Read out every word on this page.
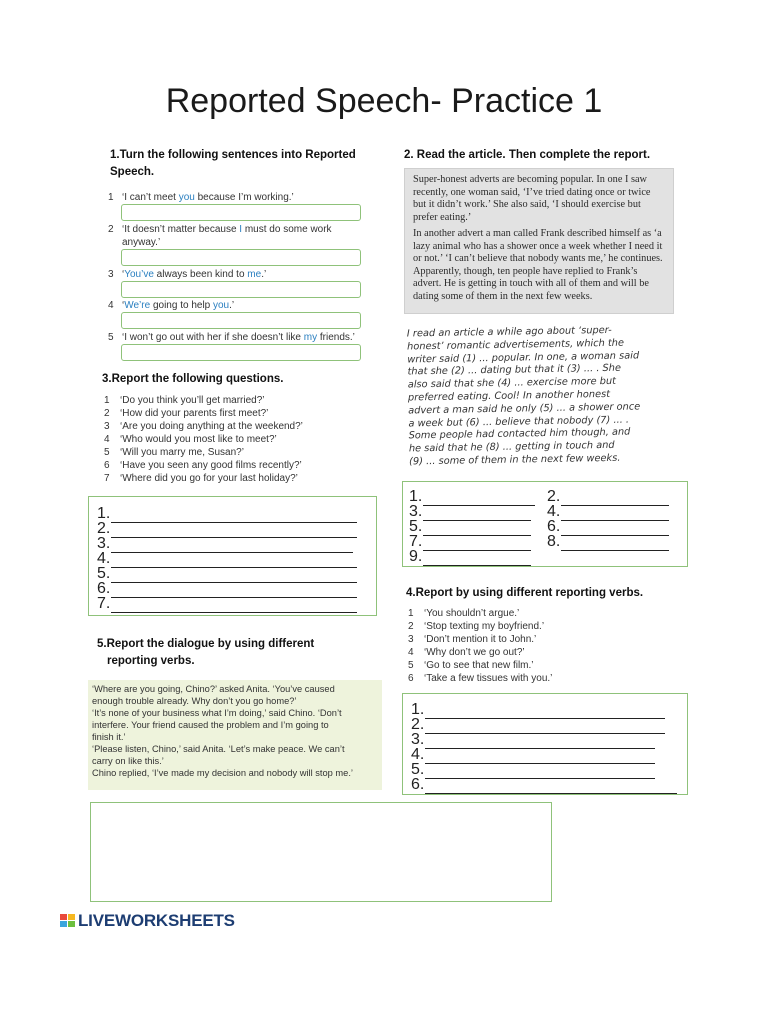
Reported Speech- Practice 1
1.Turn the following sentences into Reported
Speech.
1 ‘I can’t meet you because I’m working.’
2 ‘It doesn’t matter because I must do some work
anyway.’
3 ‘You’ve always been kind to me.’
4 ‘We’re going to help you.’
5 ‘I won’t go out with her if she doesn’t like my friends.’
2. Read the article. Then complete the report.

Super-honest adverts are becoming popular. In one I saw recently, one woman said, ‘I’ve tried dating once or twice but it didn’t work.’ She also said, ‘I should exercise but prefer eating.’

In another advert a man called Frank described himself as ‘a lazy animal who has a shower once a week whether I need it or not.’ ‘I can’t believe that nobody wants me,’ he continues. Apparently, though, ten people have replied to Frank’s advert. He is getting in touch with all of them and will be dating some of them in the next few weeks.

I read an article a while ago about ‘super-
honest’ romantic advertisements, which the
writer said (1) ... popular. In one, a woman said
that she (2) ... dating but that it (3) ... . She
also said that she (4) ... exercise more but
preferred eating. Cool! In another honest
advert a man said he only (5) ... a shower once
a week but (6) ... believe that nobody (7) ... .
Some people had contacted him though, and
he said that he (8) ... getting in touch and
(9) ... some of them in the next few weeks.
1.	2.
3.	4.
5.	6.
7.	8.
9.
3.Report the following questions.
1 ‘Do you think you’ll get married?’
2 ‘How did your parents first meet?’
3 ‘Are you doing anything at the weekend?’
4 ‘Who would you most like to meet?’
5 ‘Will you marry me, Susan?’
6 ‘Have you seen any good films recently?’
7 ‘Where did you go for your last holiday?’
1.
2.
3.
4.
5.
6.
7.
4.Report by using different reporting verbs.
1 ‘You shouldn’t argue.’
2 ‘Stop texting my boyfriend.’
3 ‘Don’t mention it to John.’
4 ‘Why don’t we go out?’
5 ‘Go to see that new film.’
6 ‘Take a few tissues with you.’
1.
2.
3.
4.
5.
6.
5.Report the dialogue by using different
reporting verbs.

‘Where are you going, Chino?’ asked Anita. ‘You’ve caused

enough trouble already. Why don’t you go home?’

‘It’s none of your business what I’m doing,’ said Chino. ‘Don’t

interfere. Your friend caused the problem and I’m going to

finish it.’

‘Please listen, Chino,’ said Anita. ‘Let’s make peace. We can’t

carry on like this.’

Chino replied, ‘I’ve made my decision and nobody will stop me.’

LIVEWORKSHEETS
